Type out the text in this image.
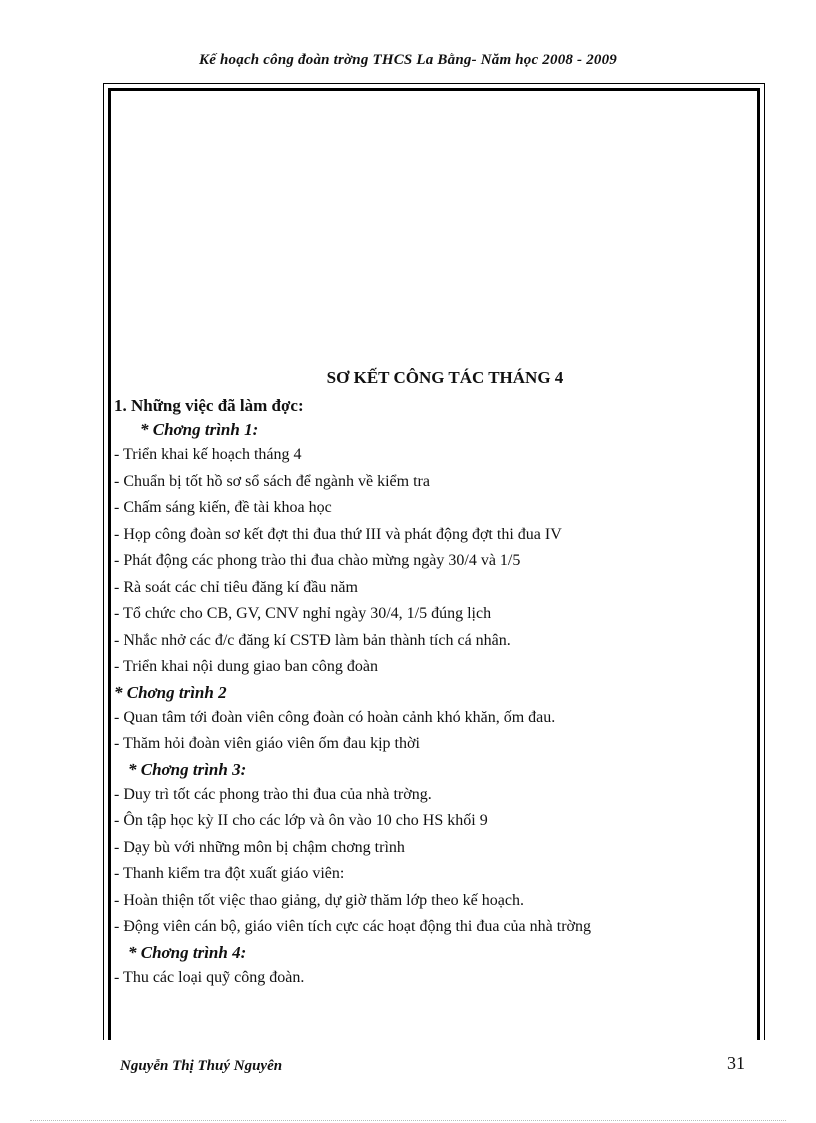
Kế hoạch công đoàn trờng THCS La Bằng- Năm học 2008 - 2009
SƠ KẾT CÔNG TÁC THÁNG 4
1. Những việc đã làm đợc:
* Chơng trình 1:
- Triển khai kế hoạch tháng 4
- Chuẩn bị tốt hồ sơ sổ sách để ngành về kiểm tra
- Chấm sáng kiến, đề tài khoa học
- Họp công đoàn sơ kết đợt thi đua thứ III và phát động đợt thi đua IV
- Phát động các phong trào thi đua chào mừng ngày 30/4 và 1/5
- Rà soát các chỉ tiêu đăng kí đầu năm
- Tổ chức cho CB, GV, CNV nghỉ ngày 30/4, 1/5 đúng lịch
- Nhắc nhở các đ/c đăng kí CSTĐ làm bản thành tích cá nhân.
- Triển khai nội dung giao ban công đoàn
* Chơng trình 2
- Quan tâm tới đoàn viên công đoàn có hoàn cảnh khó khăn, ốm đau.
- Thăm hỏi đoàn viên giáo viên ốm đau kịp thời
* Chơng trình 3:
- Duy trì tốt các phong trào thi đua của nhà trờng.
- Ôn tập học kỳ II cho các lớp và ôn vào 10 cho HS khối 9
- Dạy bù với những môn bị chậm chơng trình
- Thanh kiểm tra đột xuất giáo viên:
- Hoàn thiện tốt việc thao giảng, dự giờ thăm lớp theo kế hoạch.
- Động viên cán bộ, giáo viên tích cực các hoạt động thi đua của nhà trờng
* Chơng trình 4:
- Thu các loại quỹ công đoàn.
Nguyễn Thị Thuý Nguyên	31
